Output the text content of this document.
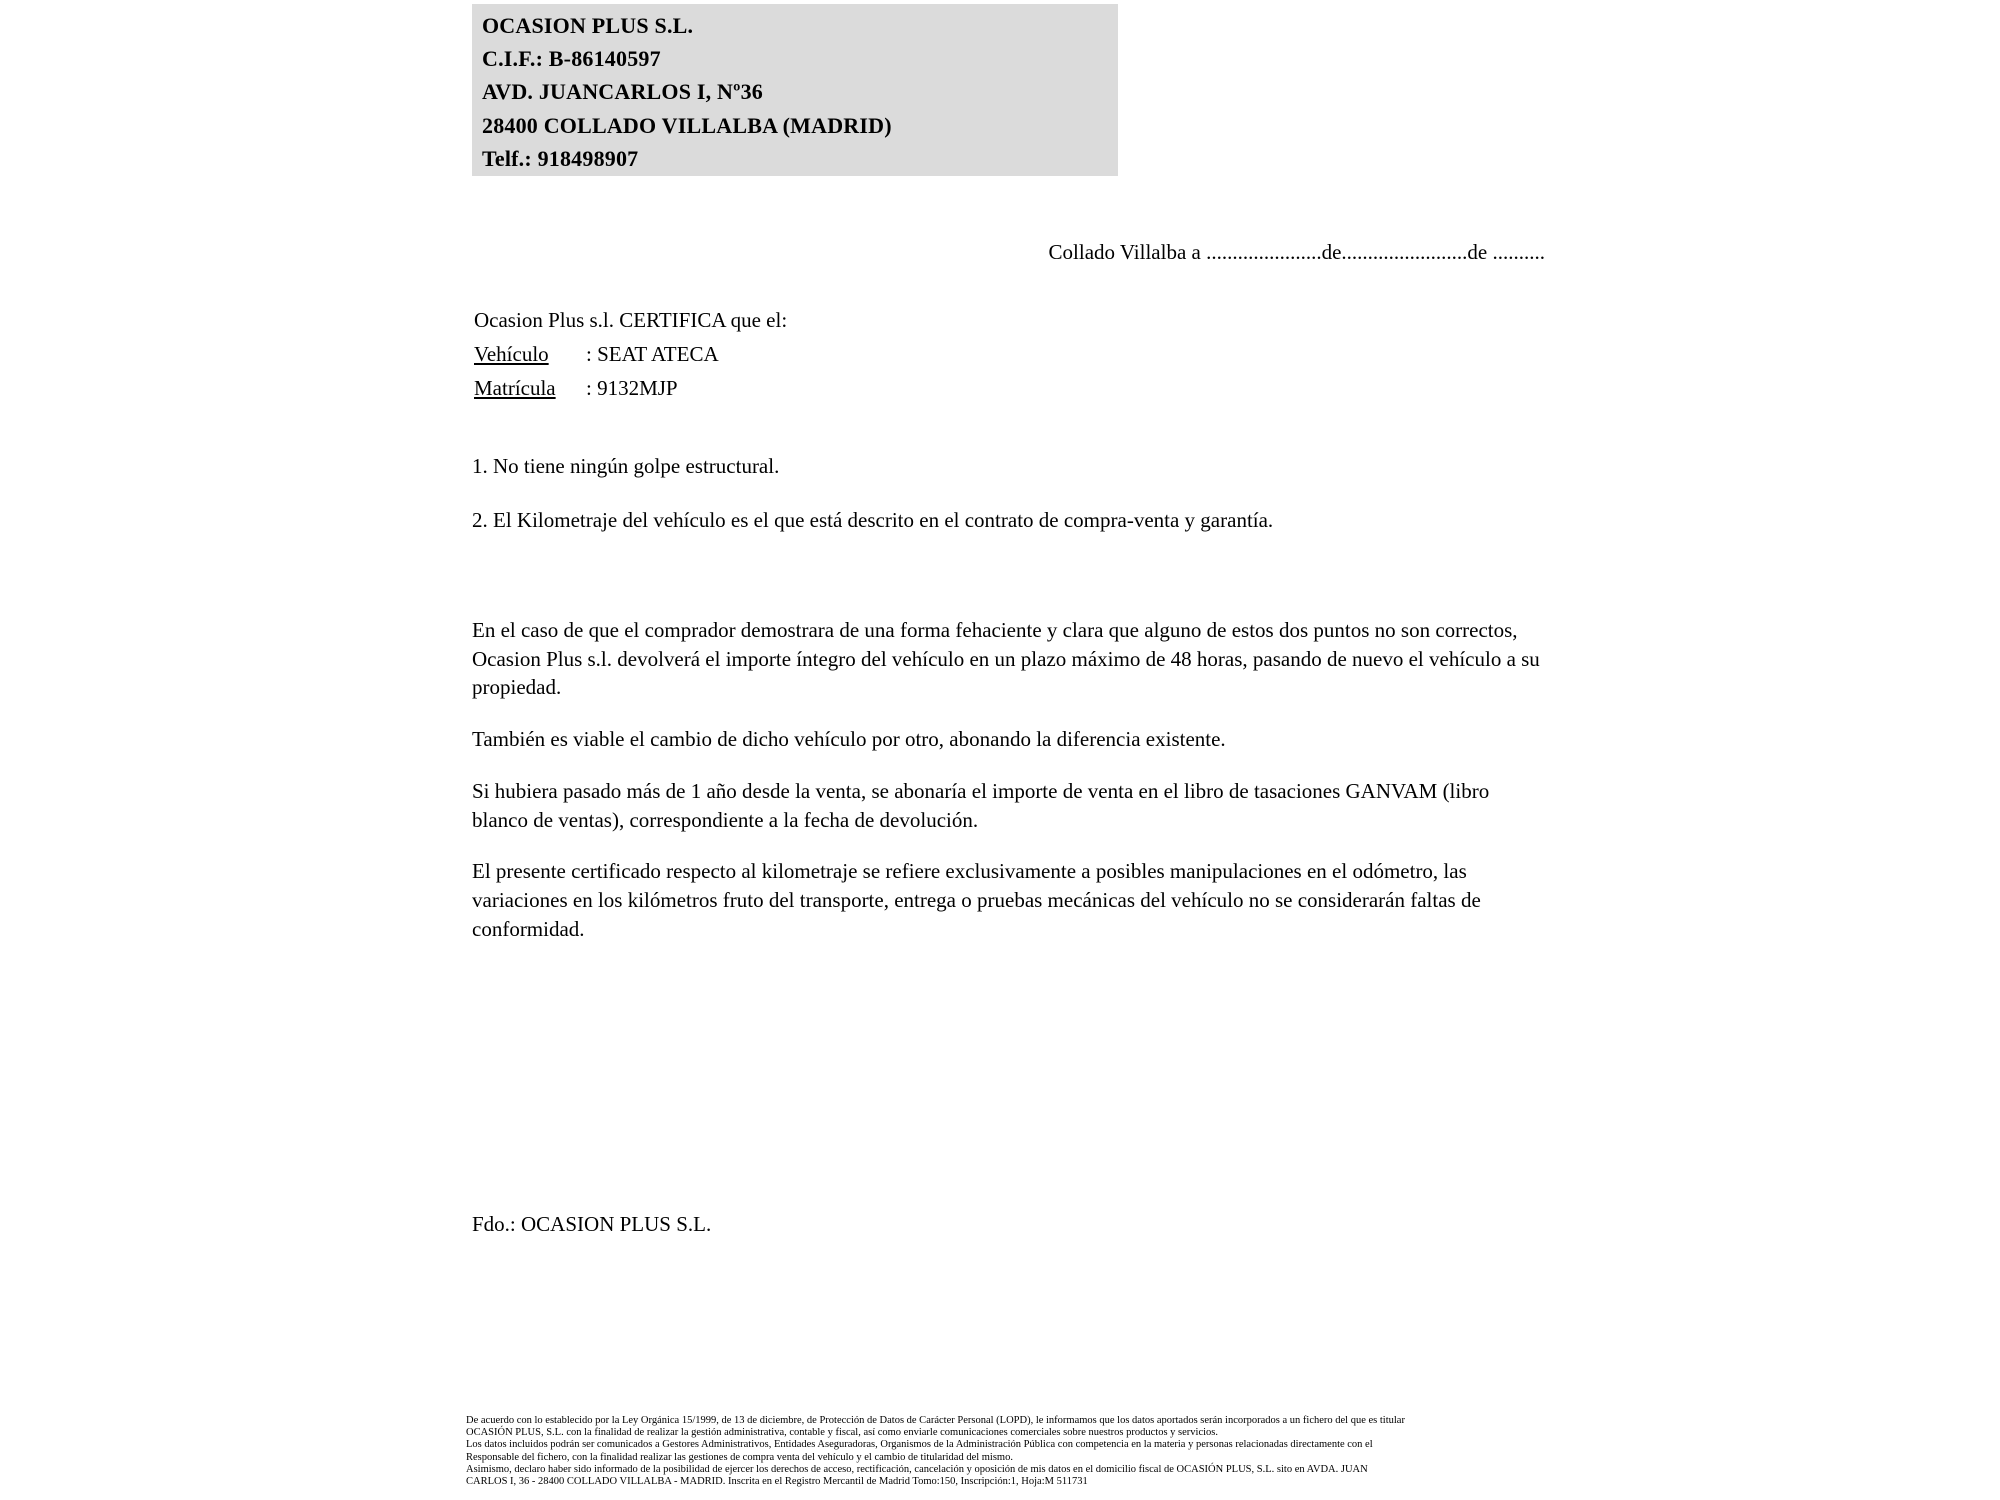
OCASION PLUS S.L.
C.I.F.: B-86140597
AVD. JUANCARLOS I, Nº36
28400 COLLADO VILLALBA (MADRID)
Telf.: 918498907
Collado Villalba a ......................de........................de ..........
Ocasion Plus s.l. CERTIFICA que el:
Vehículo : SEAT ATECA
Matrícula : 9132MJP
1. No tiene ningún golpe estructural.
2. El Kilometraje del vehículo es el que está descrito en el contrato de compra-venta y garantía.

En el caso de que el comprador demostrara de una forma fehaciente y clara que alguno de estos dos puntos no son correctos, Ocasion Plus s.l. devolverá el importe íntegro del vehículo en un plazo máximo de 48 horas, pasando de nuevo el vehículo a su propiedad.

También es viable el cambio de dicho vehículo por otro, abonando la diferencia existente.

Si hubiera pasado más de 1 año desde la venta, se abonaría el importe de venta en el libro de tasaciones GANVAM (libro blanco de ventas), correspondiente a la fecha de devolución.

El presente certificado respecto al kilometraje se refiere exclusivamente a posibles manipulaciones en el odómetro, las variaciones en los kilómetros fruto del transporte, entrega o pruebas mecánicas del vehículo no se considerarán faltas de conformidad.

Fdo.: OCASION PLUS S.L.
De acuerdo con lo establecido por la Ley Orgánica 15/1999, de 13 de diciembre, de Protección de Datos de Carácter Personal (LOPD), le informamos que los datos aportados serán incorporados a un fichero del que es titular
OCASIÓN PLUS, S.L. con la finalidad de realizar la gestión administrativa, contable y fiscal, así como enviarle comunicaciones comerciales sobre nuestros productos y servicios.
Los datos incluidos podrán ser comunicados a Gestores Administrativos, Entidades Aseguradoras, Organismos de la Administración Pública con competencia en la materia y personas relacionadas directamente con el
Responsable del fichero, con la finalidad realizar las gestiones de compra venta del vehículo y el cambio de titularidad del mismo.
Asimismo, declaro haber sido informado de la posibilidad de ejercer los derechos de acceso, rectificación, cancelación y oposición de mis datos en el domicilio fiscal de OCASIÓN PLUS, S.L. sito en AVDA. JUAN
CARLOS I, 36 - 28400 COLLADO VILLALBA - MADRID. Inscrita en el Registro Mercantil de Madrid Tomo:150, Inscripción:1, Hoja:M 511731
